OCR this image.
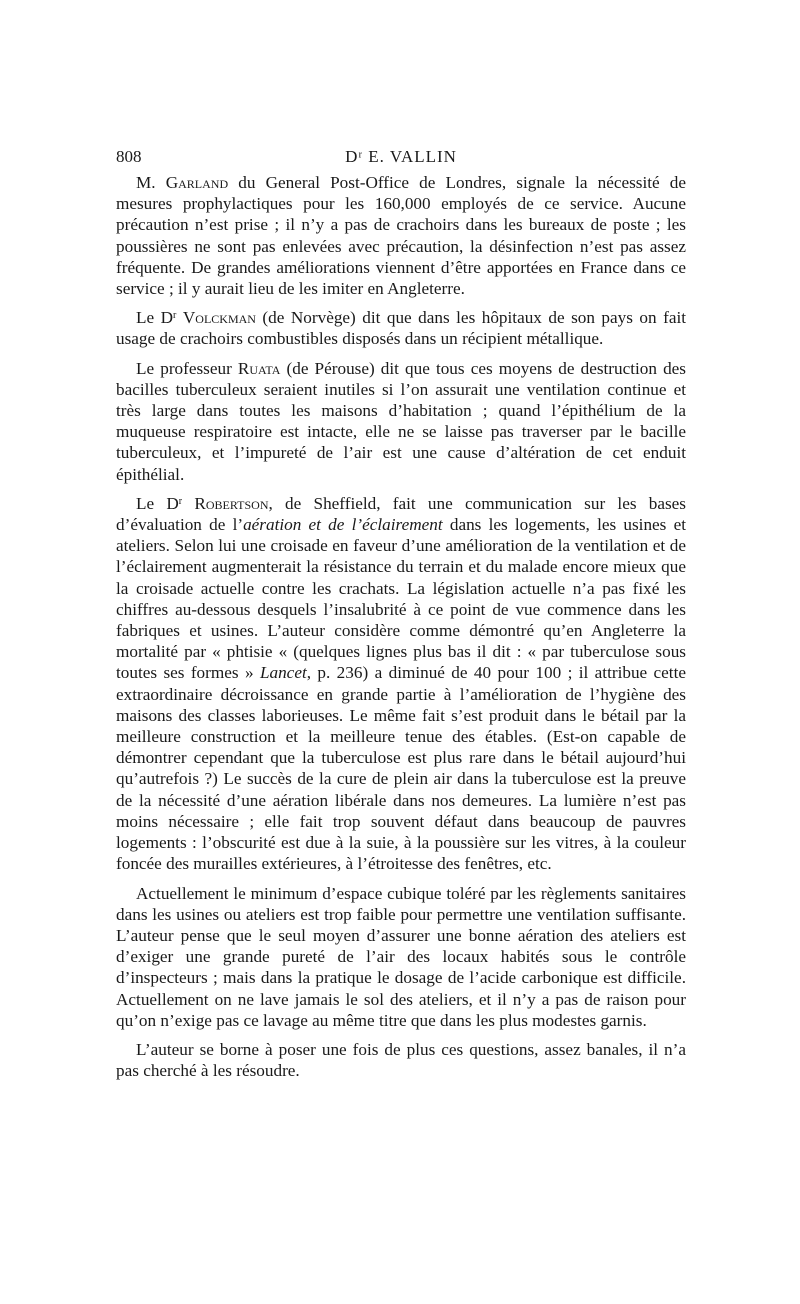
808	Dʳ E. VALLIN

M. Garland du General Post-Office de Londres, signale la nécessité de mesures prophylactiques pour les 160,000 employés de ce service. Aucune précaution n’est prise ; il n’y a pas de crachoirs dans les bureaux de poste ; les poussières ne sont pas enlevées avec précaution, la désinfection n’est pas assez fréquente. De grandes améliorations viennent d’être apportées en France dans ce service ; il y aurait lieu de les imiter en Angleterre.

Le $D^r$ Volckman (de Norvège) dit que dans les hôpitaux de son pays on fait usage de crachoirs combustibles disposés dans un récipient métallique.

Le professeur Ruata (de Pérouse) dit que tous ces moyens de destruction des bacilles tuberculeux seraient inutiles si l’on assurait une ventilation continue et très large dans toutes les maisons d’habitation ; quand l’épithélium de la muqueuse respiratoire est intacte, elle ne se laisse pas traverser par le bacille tuberculeux, et l’impureté de l’air est une cause d’altération de cet enduit épithélial.

Le $D^r$ Robertson, de Sheffield, fait une communication sur les bases d’évaluation de l’aération et de l’éclairement dans les logements, les usines et ateliers. Selon lui une croisade en faveur d’une amélioration de la ventilation et de l’éclairement augmenterait la résistance du terrain et du malade encore mieux que la croisade actuelle contre les crachats. La législation actuelle n’a pas fixé les chiffres au-dessous desquels l’insalubrité à ce point de vue commence dans les fabriques et usines. L’auteur considère comme démontré qu’en Angleterre la mortalité par « phtisie « (quelques lignes plus bas il dit : « par tuberculose sous toutes ses formes » Lancet, p. 236) a diminué de 40 pour 100 ; il attribue cette extraordinaire décroissance en grande partie à l’amélioration de l’hygiène des maisons des classes laborieuses. Le même fait s’est produit dans le bétail par la meilleure construction et la meilleure tenue des étables. (Est-on capable de démontrer cependant que la tuberculose est plus rare dans le bétail aujourd’hui qu’autrefois ?) Le succès de la cure de plein air dans la tuberculose est la preuve de la nécessité d’une aération libérale dans nos demeures. La lumière n’est pas moins nécessaire ; elle fait trop souvent défaut dans beaucoup de pauvres logements : l’obscurité est due à la suie, à la poussière sur les vitres, à la couleur foncée des murailles extérieures, à l’étroitesse des fenêtres, etc.

Actuellement le minimum d’espace cubique toléré par les règlements sanitaires dans les usines ou ateliers est trop faible pour permettre une ventilation suffisante. L’auteur pense que le seul moyen d’assurer une bonne aération des ateliers est d’exiger une grande pureté de l’air des locaux habités sous le contrôle d’inspecteurs ; mais dans la pratique le dosage de l’acide carbonique est difficile. Actuellement on ne lave jamais le sol des ateliers, et il n’y a pas de raison pour qu’on n’exige pas ce lavage au même titre que dans les plus modestes garnis.

L’auteur se borne à poser une fois de plus ces questions, assez banales, il n’a pas cherché à les résoudre.
